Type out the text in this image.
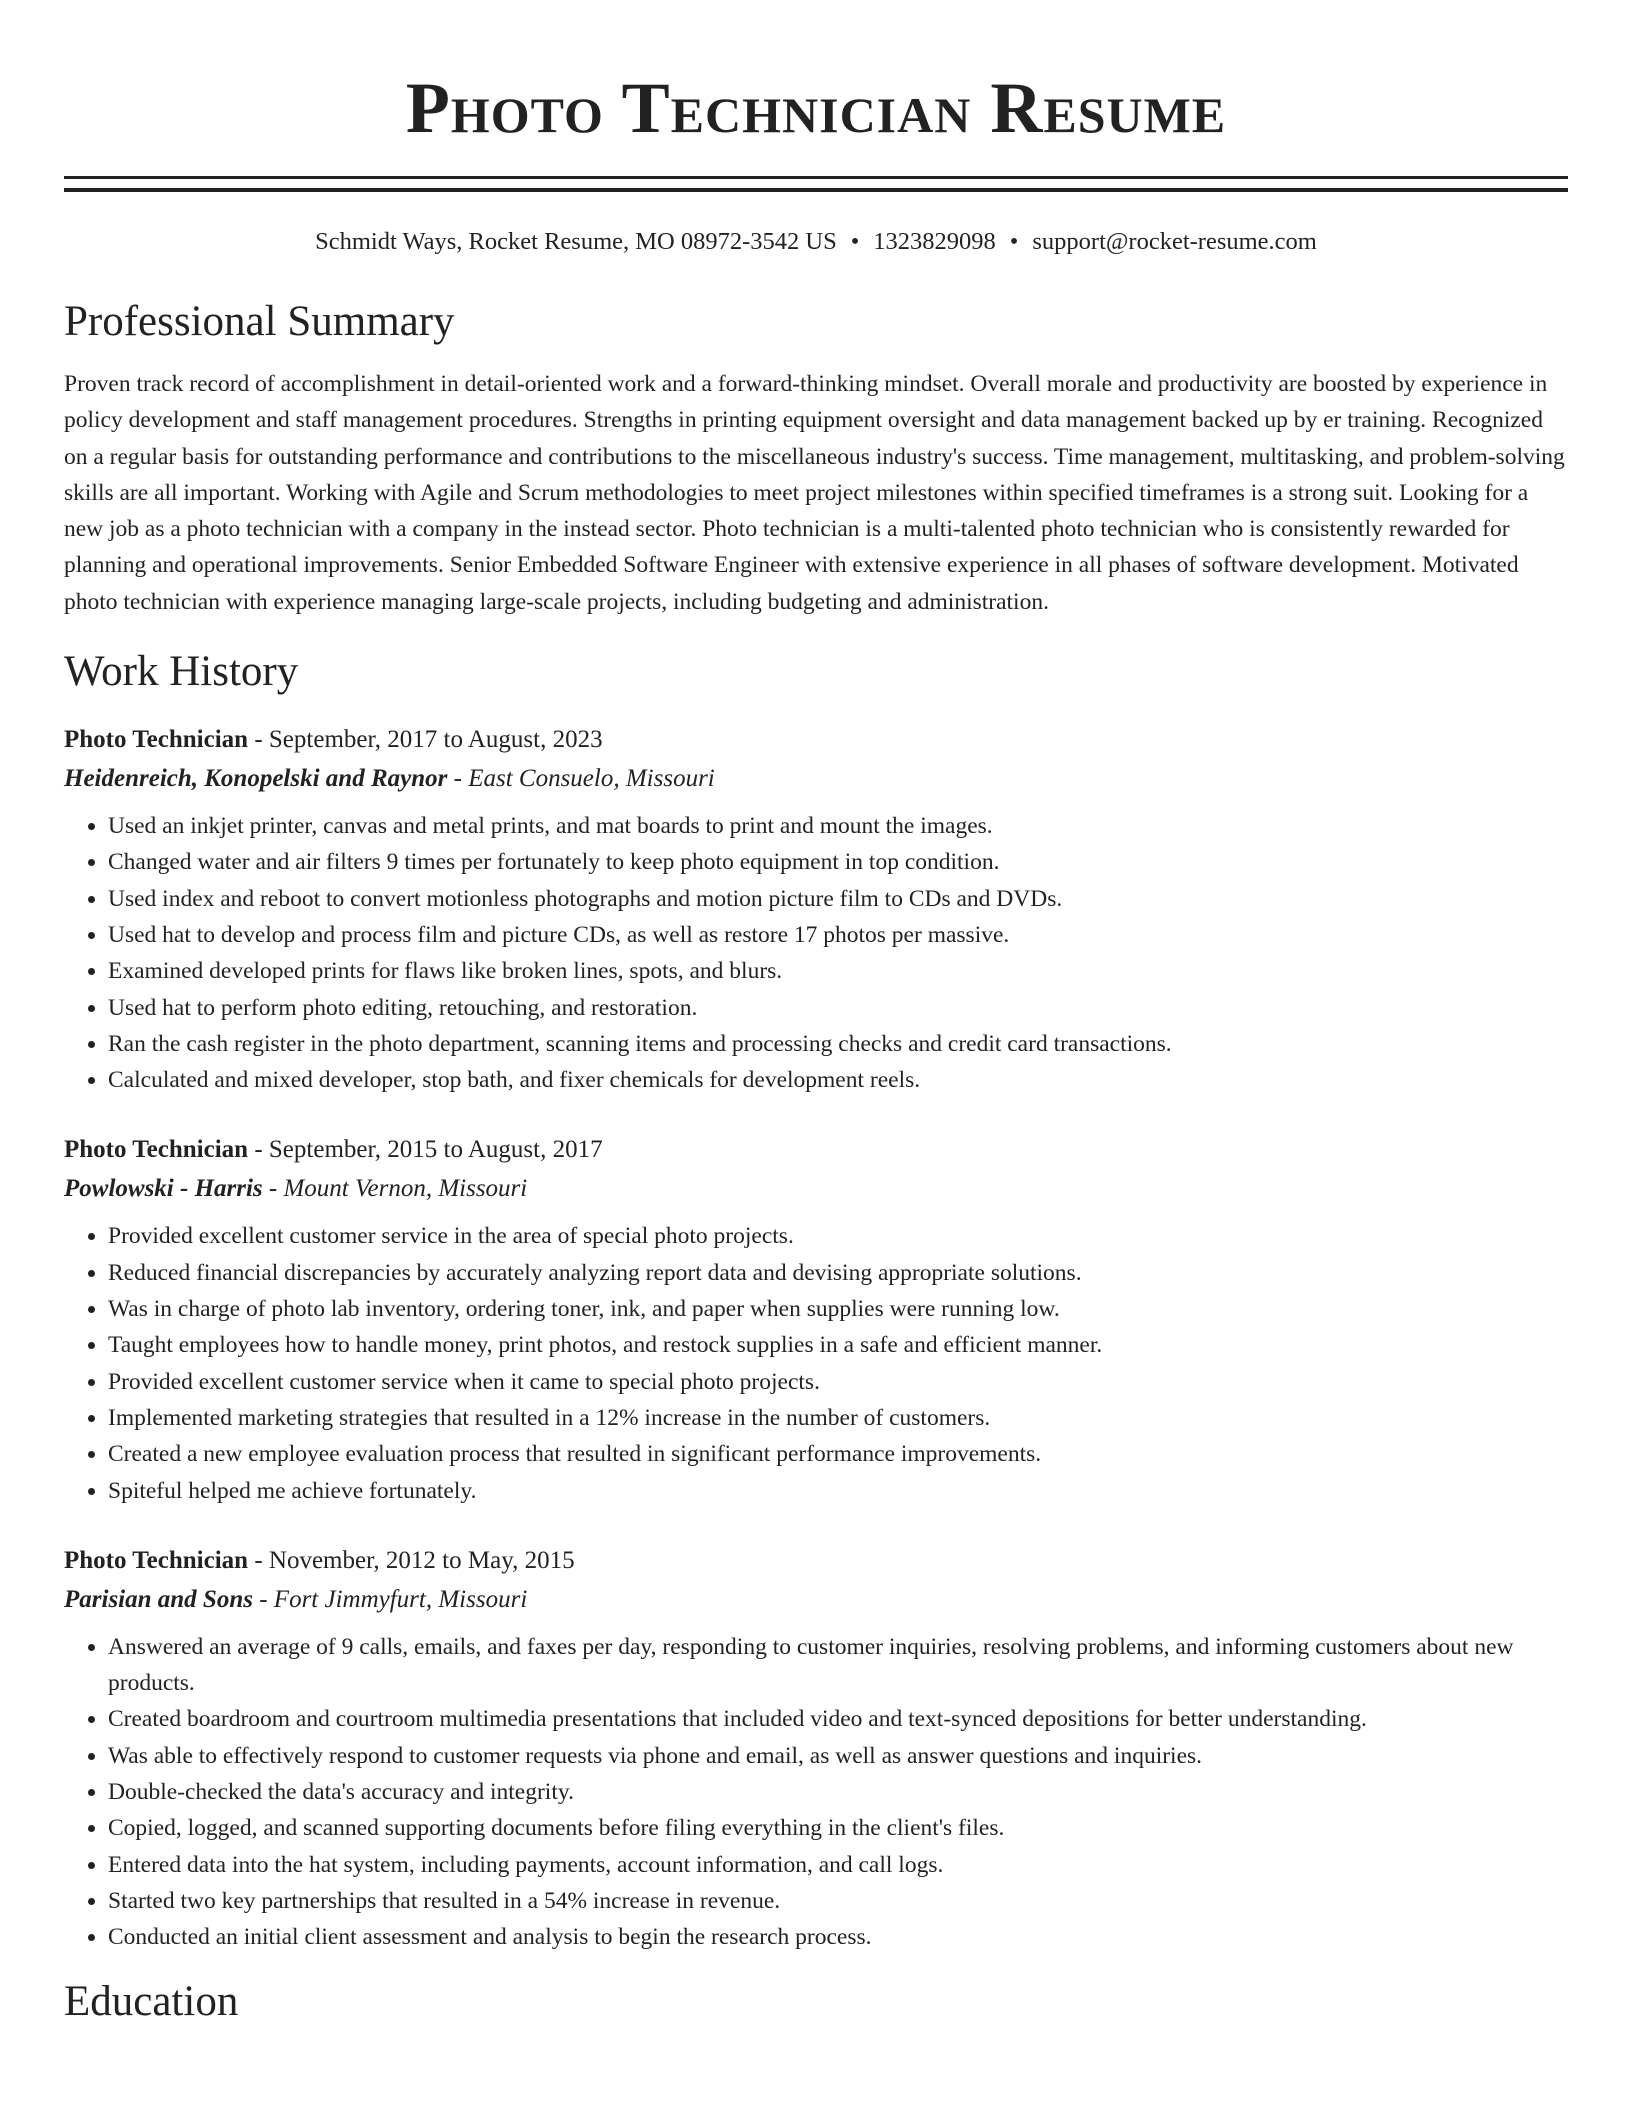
Photo Technician Resume
Schmidt Ways, Rocket Resume, MO 08972-3542 US • 1323829098 • support@rocket-resume.com
Professional Summary
Proven track record of accomplishment in detail-oriented work and a forward-thinking mindset. Overall morale and productivity are boosted by experience in policy development and staff management procedures. Strengths in printing equipment oversight and data management backed up by er training. Recognized on a regular basis for outstanding performance and contributions to the miscellaneous industry's success. Time management, multitasking, and problem-solving skills are all important. Working with Agile and Scrum methodologies to meet project milestones within specified timeframes is a strong suit. Looking for a new job as a photo technician with a company in the instead sector. Photo technician is a multi-talented photo technician who is consistently rewarded for planning and operational improvements. Senior Embedded Software Engineer with extensive experience in all phases of software development. Motivated photo technician with experience managing large-scale projects, including budgeting and administration.
Work History
Photo Technician - September, 2017 to August, 2023
Heidenreich, Konopelski and Raynor - East Consuelo, Missouri
• Used an inkjet printer, canvas and metal prints, and mat boards to print and mount the images.
• Changed water and air filters 9 times per fortunately to keep photo equipment in top condition.
• Used index and reboot to convert motionless photographs and motion picture film to CDs and DVDs.
• Used hat to develop and process film and picture CDs, as well as restore 17 photos per massive.
• Examined developed prints for flaws like broken lines, spots, and blurs.
• Used hat to perform photo editing, retouching, and restoration.
• Ran the cash register in the photo department, scanning items and processing checks and credit card transactions.
• Calculated and mixed developer, stop bath, and fixer chemicals for development reels.
Photo Technician - September, 2015 to August, 2017
Powlowski - Harris - Mount Vernon, Missouri
• Provided excellent customer service in the area of special photo projects.
• Reduced financial discrepancies by accurately analyzing report data and devising appropriate solutions.
• Was in charge of photo lab inventory, ordering toner, ink, and paper when supplies were running low.
• Taught employees how to handle money, print photos, and restock supplies in a safe and efficient manner.
• Provided excellent customer service when it came to special photo projects.
• Implemented marketing strategies that resulted in a 12% increase in the number of customers.
• Created a new employee evaluation process that resulted in significant performance improvements.
• Spiteful helped me achieve fortunately.
Photo Technician - November, 2012 to May, 2015
Parisian and Sons - Fort Jimmyfurt, Missouri
• Answered an average of 9 calls, emails, and faxes per day, responding to customer inquiries, resolving problems, and informing customers about new products.
• Created boardroom and courtroom multimedia presentations that included video and text-synced depositions for better understanding.
• Was able to effectively respond to customer requests via phone and email, as well as answer questions and inquiries.
• Double-checked the data's accuracy and integrity.
• Copied, logged, and scanned supporting documents before filing everything in the client's files.
• Entered data into the hat system, including payments, account information, and call logs.
• Started two key partnerships that resulted in a 54% increase in revenue.
• Conducted an initial client assessment and analysis to begin the research process.
Education
